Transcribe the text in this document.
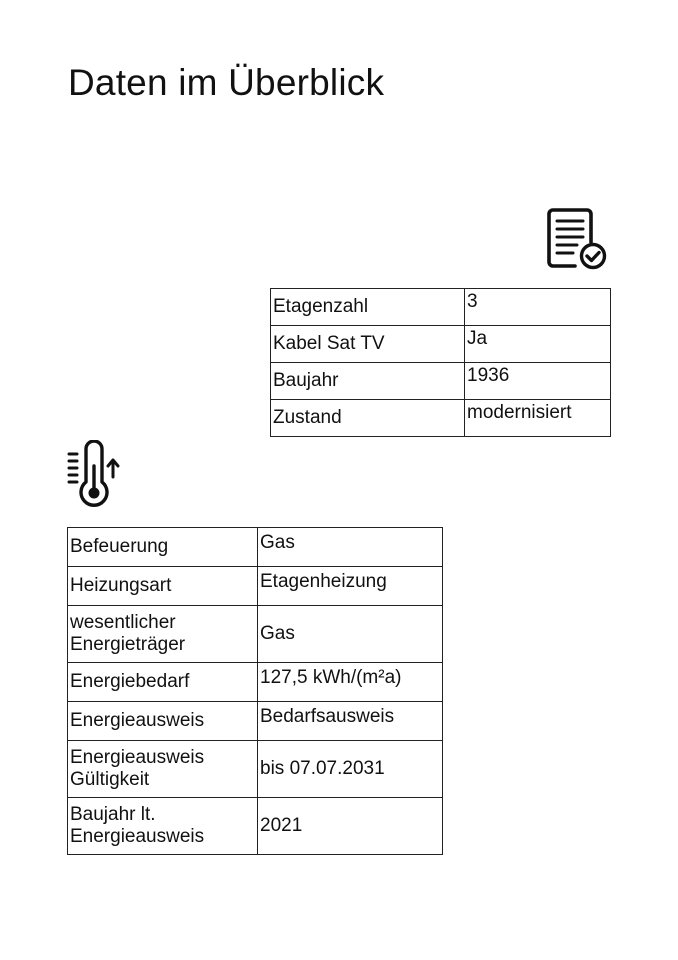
Daten im Überblick
Etagenzahl	3
Kabel Sat TV	Ja
Baujahr	1936
Zustand	modernisiert
Befeuerung	Gas
Heizungsart	Etagenheizung
wesentlicher Energieträger	Gas
Energiebedarf	127,5 kWh/(m²a)
Energieausweis	Bedarfsausweis
Energieausweis Gültigkeit	bis 07.07.2031
Baujahr lt. Energieausweis	2021
